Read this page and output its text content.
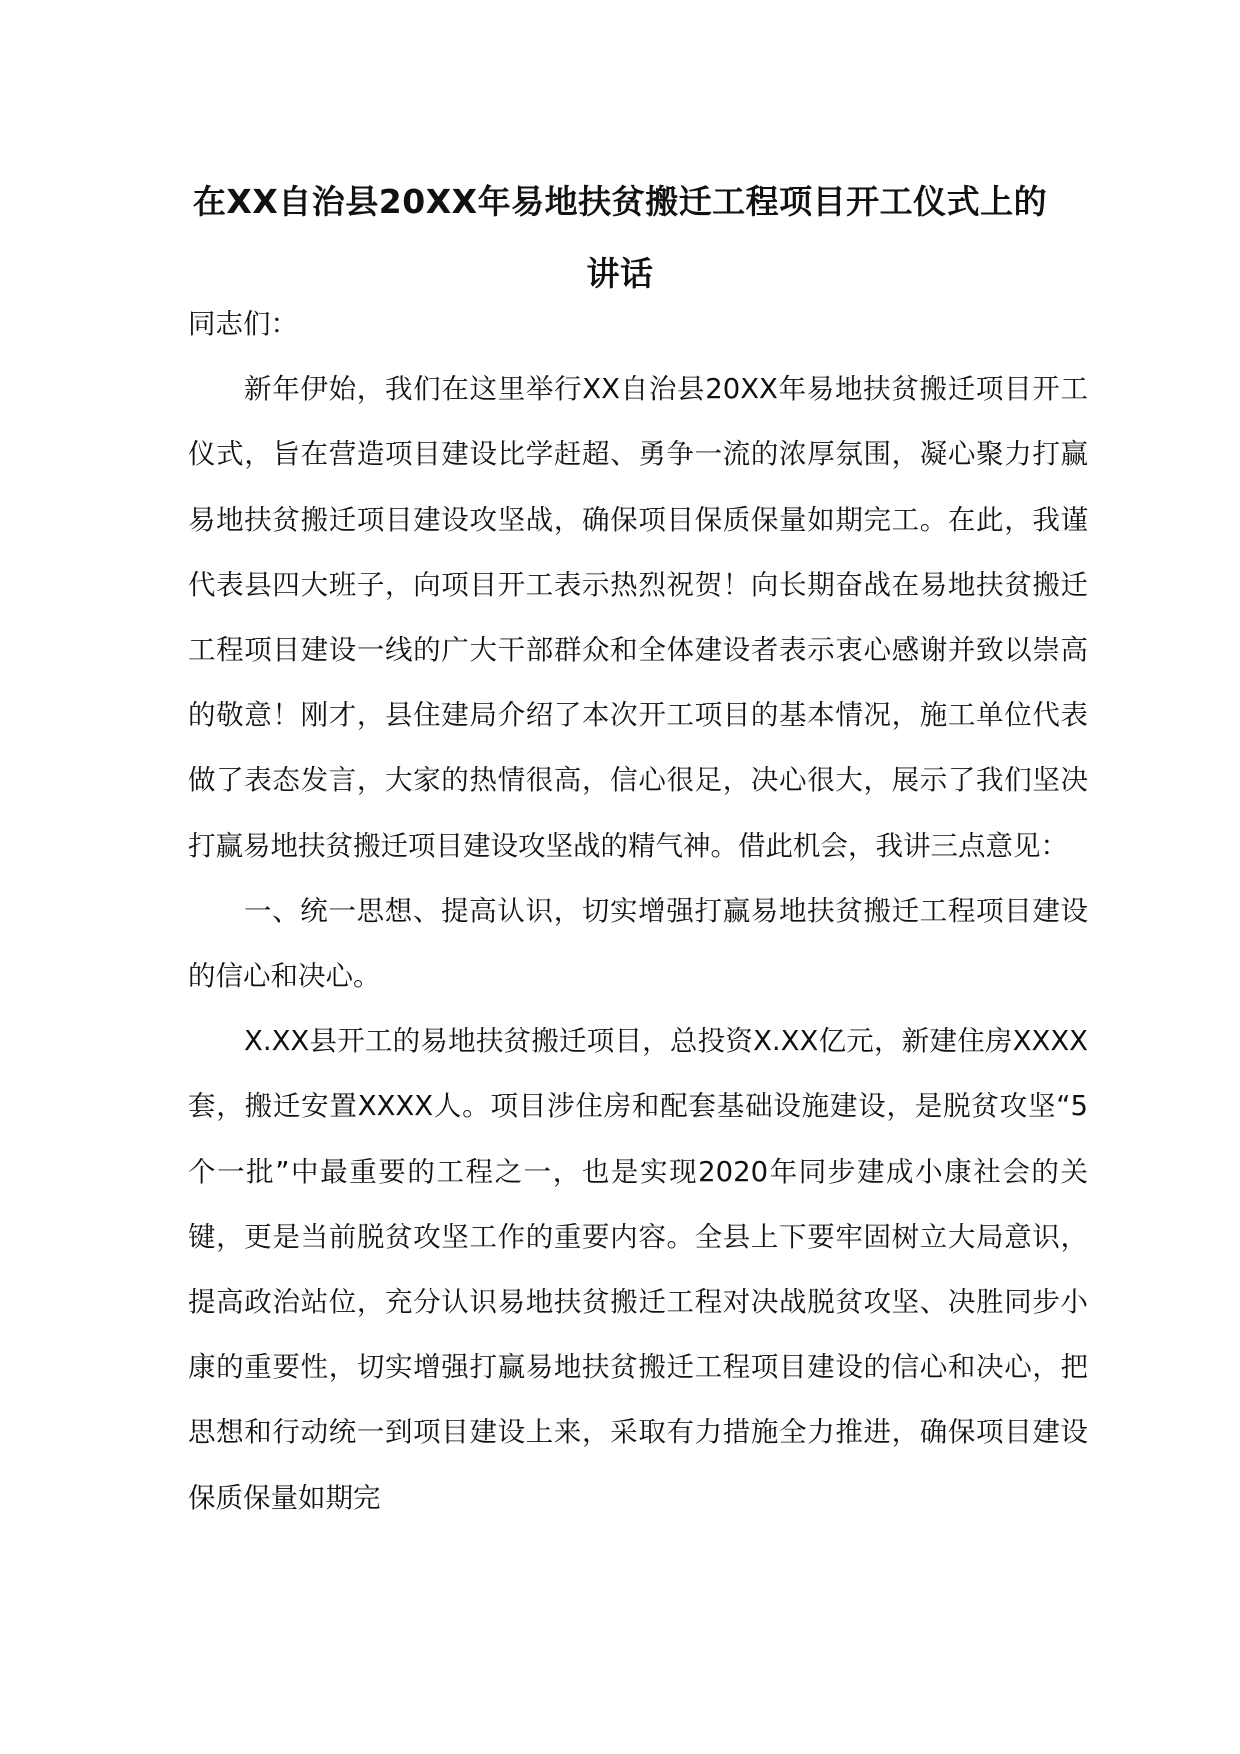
在XX自治县20XX年易地扶贫搬迁工程项目开工仪式上的讲话

同志们：

新年伊始，我们在这里举行XX自治县20XX年易地扶贫搬迁项目开工仪式，旨在营造项目建设比学赶超、勇争一流的浓厚氛围，凝心聚力打赢易地扶贫搬迁项目建设攻坚战，确保项目保质保量如期完工。在此，我谨代表县四大班子，向项目开工表示热烈祝贺！向长期奋战在易地扶贫搬迁工程项目建设一线的广大干部群众和全体建设者表示衷心感谢并致以崇高的敬意！刚才，县住建局介绍了本次开工项目的基本情况，施工单位代表做了表态发言，大家的热情很高，信心很足，决心很大，展示了我们坚决打赢易地扶贫搬迁项目建设攻坚战的精气神。借此机会，我讲三点意见：

一、统一思想、提高认识，切实增强打赢易地扶贫搬迁工程项目建设的信心和决心。

X.XX县开工的易地扶贫搬迁项目，总投资X.XX亿元，新建住房XXXX套，搬迁安置XXXX人。项目涉住房和配套基础设施建设，是脱贫攻坚“5个一批”中最重要的工程之一，也是实现2020年同步建成小康社会的关键，更是当前脱贫攻坚工作的重要内容。全县上下要牢固树立大局意识，提高政治站位，充分认识易地扶贫搬迁工程对决战脱贫攻坚、决胜同步小康的重要性，切实增强打赢易地扶贫搬迁工程项目建设的信心和决心，把思想和行动统一到项目建设上来，采取有力措施全力推进，确保项目建设保质保量如期完
